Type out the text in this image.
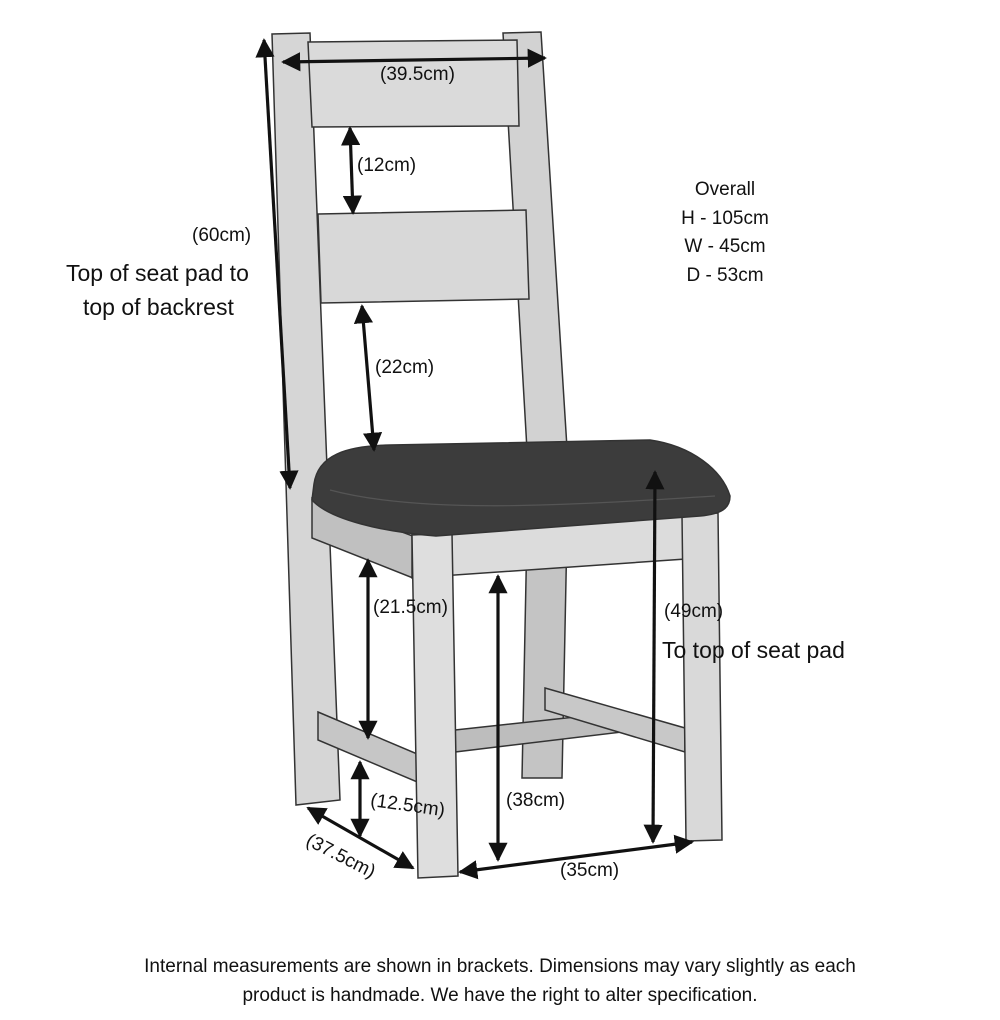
(39.5cm)
(12cm)
(60cm)
Top of seat pad to
top of backrest
(22cm)
(21.5cm)	(49cm)
To top of seat pad
(12.5cm)	(38cm)
(37.5cm)	(35cm)
Overall
H - 105cm
W - 45cm
D - 53cm
Internal measurements are shown in brackets. Dimensions may vary slightly as each
product is handmade. We have the right to alter specification.
